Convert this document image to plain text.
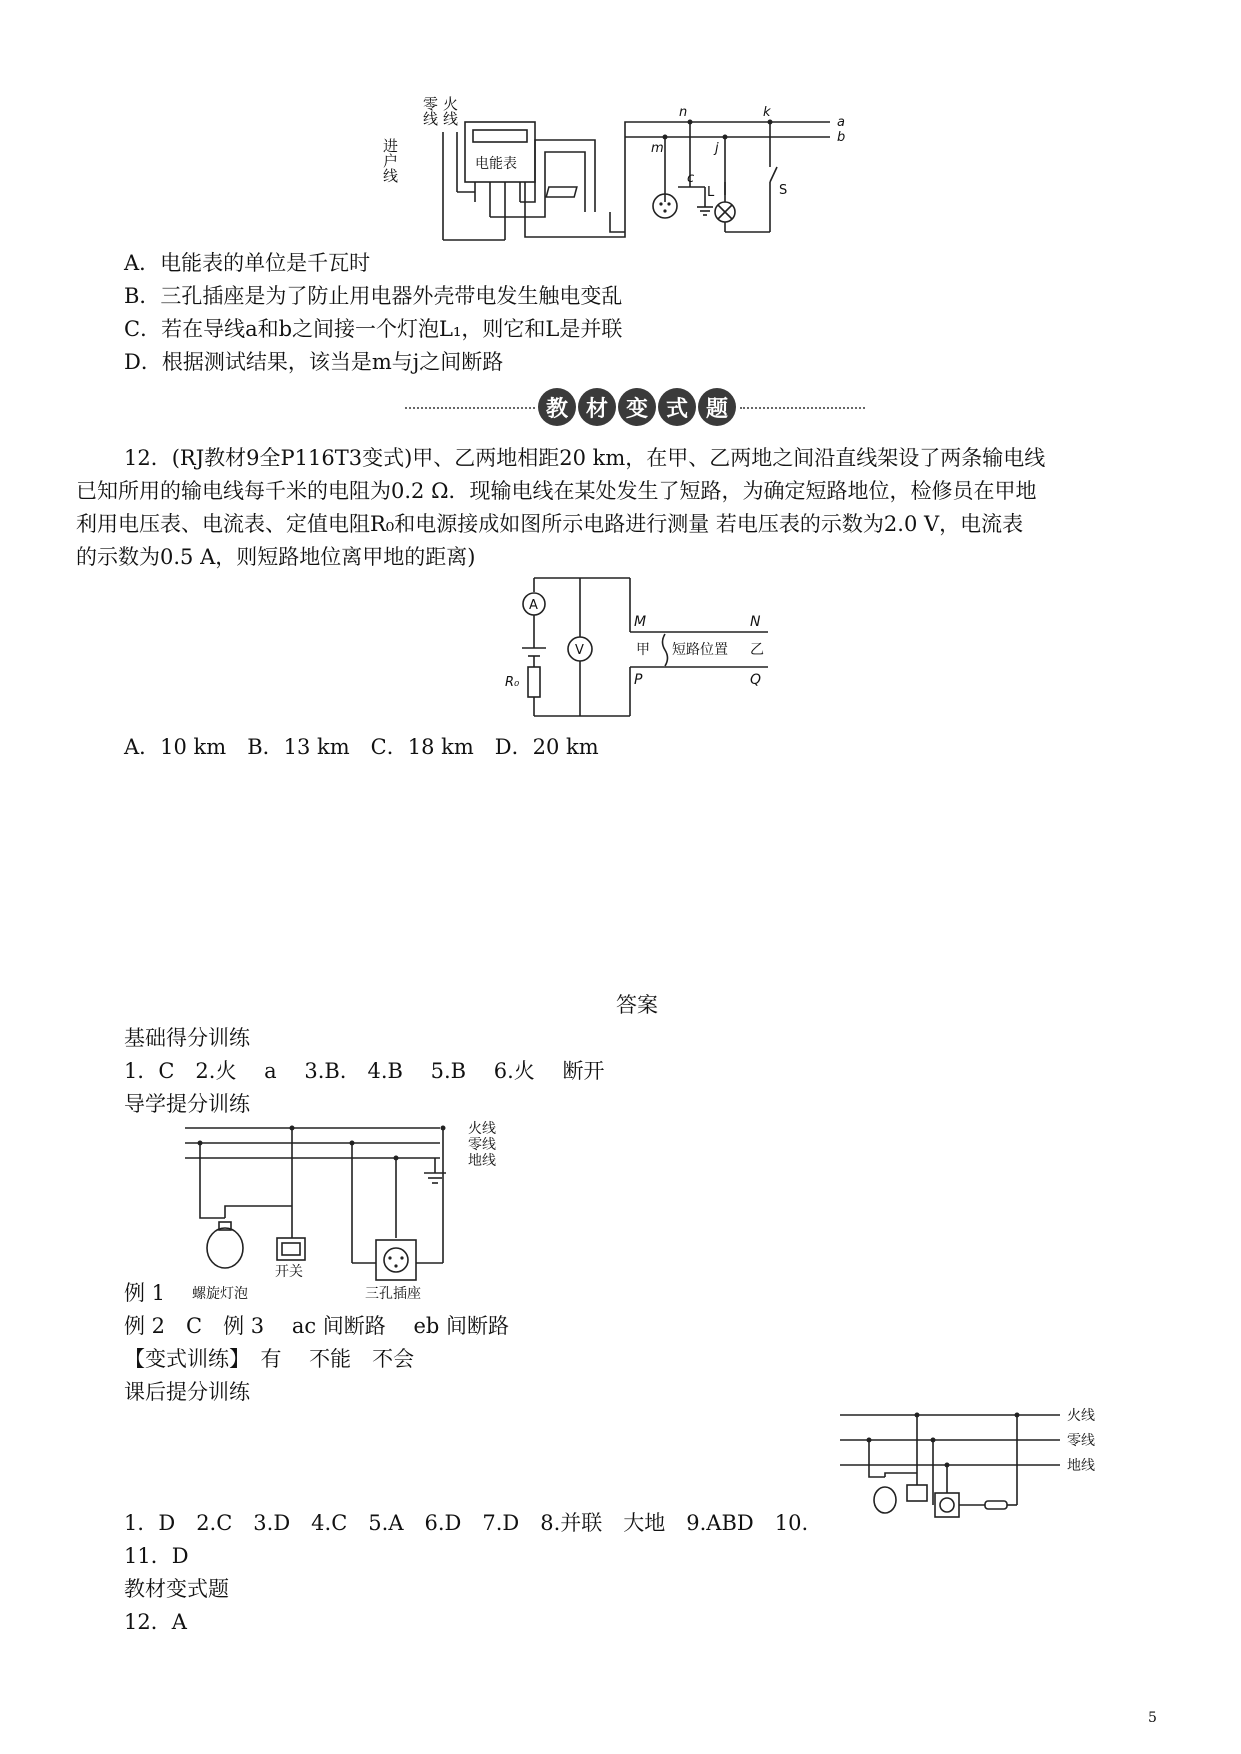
零线 火线
进户线	电能表
n	k
a
b
m	j
c
L	S
A．电能表的单位是千瓦时
B．三孔插座是为了防止用电器外壳带电发生触电变乱
C．若在导线a和b之间接一个灯泡L₁，则它和L是并联
D．根据测试结果，该当是m与j之间断路
教 材 变 式 题
12．(RJ教材9全P116T3变式)甲、乙两地相距20 km，在甲、乙两地之间沿直线架设了两条输电线
已知所用的输电线每千米的电阻为0.2 Ω．现输电线在某处发生了短路，为确定短路地位，检修员在甲地
利用电压表、电流表、定值电阻R₀和电源接成如图所示电路进行测量 若电压表的示数为2.0 V，电流表
的示数为0.5 A，则短路地位离甲地的距离)
A
V
R₀
M	N
P	Q
甲 短路位置 乙
A．10 km　B．13 km　C．18 km　D．20 km
答案
基础得分训练
1．C　2.火　 a　 3.B.　4.B　 5.B　 6.火　 断开
导学提分训练
火线
零线
地线
开关
螺旋灯泡	三孔插座
例 1
例 2　C　例 3　 ac 间断路　 eb 间断路
【变式训练】　有　 不能　不会
课后提分训练
火线
零线
地线
1．D　2.C　3.D　4.C　5.A　6.D　7.D　8.并联　大地　9.ABD　10.
11．D
教材变式题
12．A
5
